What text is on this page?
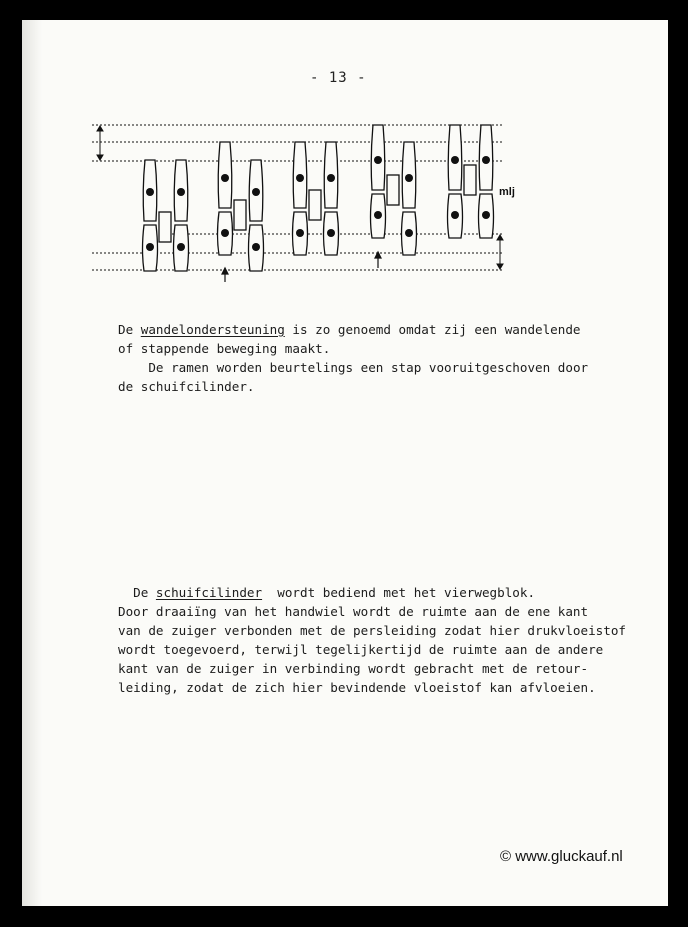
- 13 -
mlj
De wandelondersteuning is zo genoemd omdat zij een wandelende
of stappende beweging maakt.
De ramen worden beurtelings een stap vooruitgeschoven door
de schuifcilinder.
De schuifcilinder  wordt bediend met het vierwegblok.
Door draaiïng van het handwiel wordt de ruimte aan de ene kant
van de zuiger verbonden met de persleiding zodat hier drukvloeistof
wordt toegevoerd, terwijl tegelijkertijd de ruimte aan de andere
kant van de zuiger in verbinding wordt gebracht met de retour-
leiding, zodat de zich hier bevindende vloeistof kan afvloeien.
© www.gluckauf.nl
